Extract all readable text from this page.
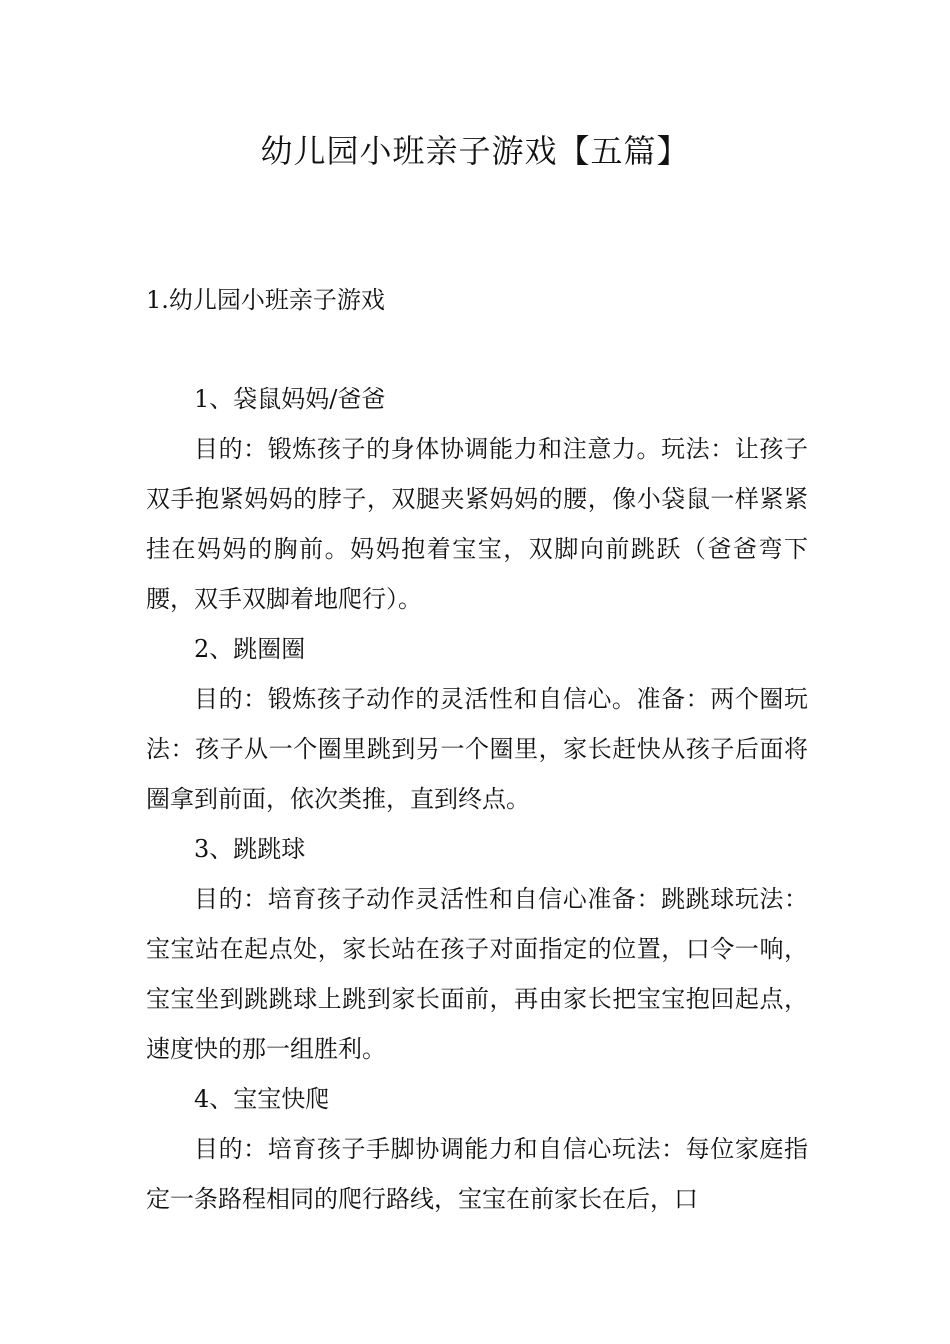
幼儿园小班亲子游戏【五篇】
1.幼儿园小班亲子游戏

1、袋鼠妈妈/爸爸

目的：锻炼孩子的身体协调能力和注意力。玩法：让孩子双手抱紧妈妈的脖子，双腿夹紧妈妈的腰，像小袋鼠一样紧紧挂在妈妈的胸前。妈妈抱着宝宝，双脚向前跳跃（爸爸弯下腰，双手双脚着地爬行）。

2、跳圈圈

目的：锻炼孩子动作的灵活性和自信心。准备：两个圈玩法：孩子从一个圈里跳到另一个圈里，家长赶快从孩子后面将圈拿到前面，依次类推，直到终点。

3、跳跳球

目的：培育孩子动作灵活性和自信心准备：跳跳球玩法：宝宝站在起点处，家长站在孩子对面指定的位置，口令一响，宝宝坐到跳跳球上跳到家长面前，再由家长把宝宝抱回起点，速度快的那一组胜利。

4、宝宝快爬

目的：培育孩子手脚协调能力和自信心玩法：每位家庭指定一条路程相同的爬行路线，宝宝在前家长在后，口
